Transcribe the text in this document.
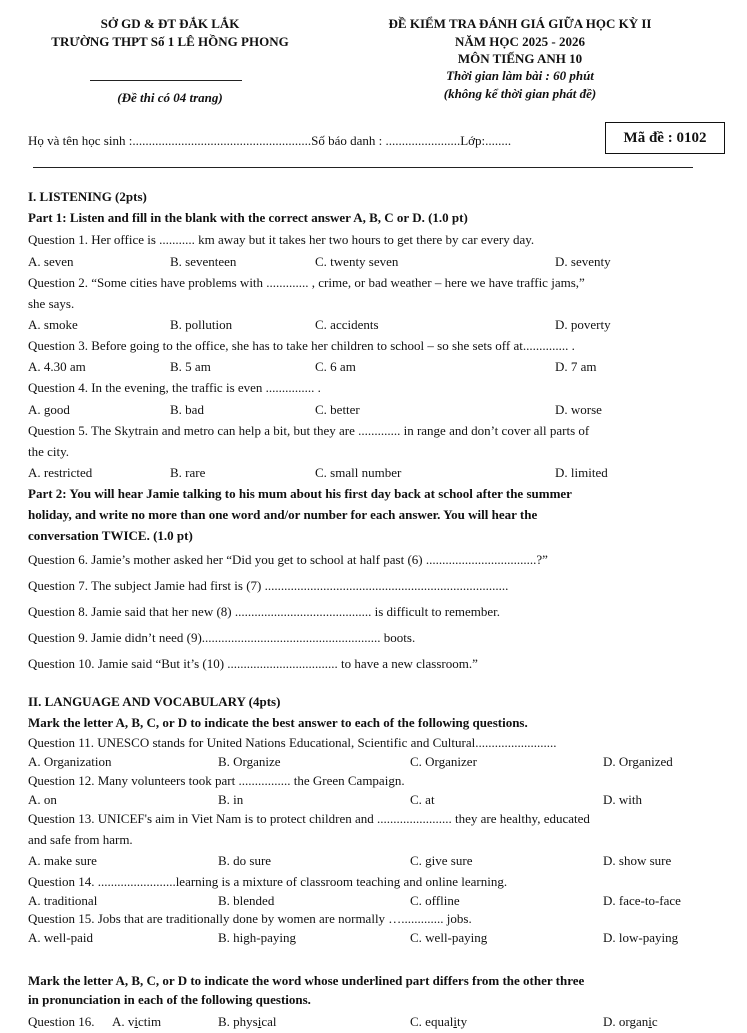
SỞ GD & ĐT ĐẮK LẮK
TRƯỜNG THPT Số 1 LÊ HỒNG PHONG
(Đề thi có 04 trang)
ĐỀ KIỂM TRA ĐÁNH GIÁ GIỮA HỌC KỲ II
NĂM HỌC 2025 - 2026
MÔN TIẾNG ANH 10
Thời gian làm bài : 60 phút
(không kể thời gian phát đề)
Họ và tên học sinh :.......................................................Số báo danh : .......................Lớp:........	Mã đề : 0102
I. LISTENING (2pts)
Part 1: Listen and fill in the blank with the correct answer A, B, C or D. (1.0 pt)
Question 1. Her office is ........... km away but it takes her two hours to get there by car every day.
A. seven	B. seventeen	C. twenty seven	D. seventy
Question 2. “Some cities have problems with ............. , crime, or bad weather – here we have traffic jams,”
she says.
A. smoke	B. pollution	C. accidents	D. poverty
Question 3. Before going to the office, she has to take her children to school – so she sets off at.............. .
A. 4.30 am	B. 5 am	C. 6 am	D. 7 am
Question 4. In the evening, the traffic is even ............... .
A. good	B. bad	C. better	D. worse
Question 5. The Skytrain and metro can help a bit, but they are ............. in range and don’t cover all parts of
the city.
A. restricted	B. rare	C. small number	D. limited
Part 2: You will hear Jamie talking to his mum about his first day back at school after the summer
holiday, and write no more than one word and/or number for each answer. You will hear the
conversation TWICE. (1.0 pt)
Question 6. Jamie’s mother asked her “Did you get to school at half past (6) ..................................?”
Question 7. The subject Jamie had first is (7) ...........................................................................
Question 8. Jamie said that her new (8) .......................................... is difficult to remember.
Question 9. Jamie didn’t need (9)....................................................... boots.
Question 10. Jamie said “But it’s (10) .................................. to have a new classroom.”
II. LANGUAGE AND VOCABULARY (4pts)
Mark the letter A, B, C, or D to indicate the best answer to each of the following questions.
Question 11. UNESCO stands for United Nations Educational, Scientific and Cultural.........................
A. Organization	B. Organize	C. Organizer	D. Organized
Question 12. Many volunteers took part ................ the Green Campaign.
A. on	B. in	C. at	D. with
Question 13. UNICEF's aim in Viet Nam is to protect children and ....................... they are healthy, educated
and safe from harm.
A. make sure	B. do sure	C. give sure	D. show sure
Question 14. ........................learning is a mixture of classroom teaching and online learning.
A. traditional	B. blended	C. offline	D. face-to-face
Question 15. Jobs that are traditionally done by women are normally …............. jobs.
A. well-paid	B. high-paying	C. well-paying	D. low-paying
Mark the letter A, B, C, or D to indicate the word whose underlined part differs from the other three
in pronunciation in each of the following questions.
Question 16. A. victim	B. physical	C. equality	D. organic
